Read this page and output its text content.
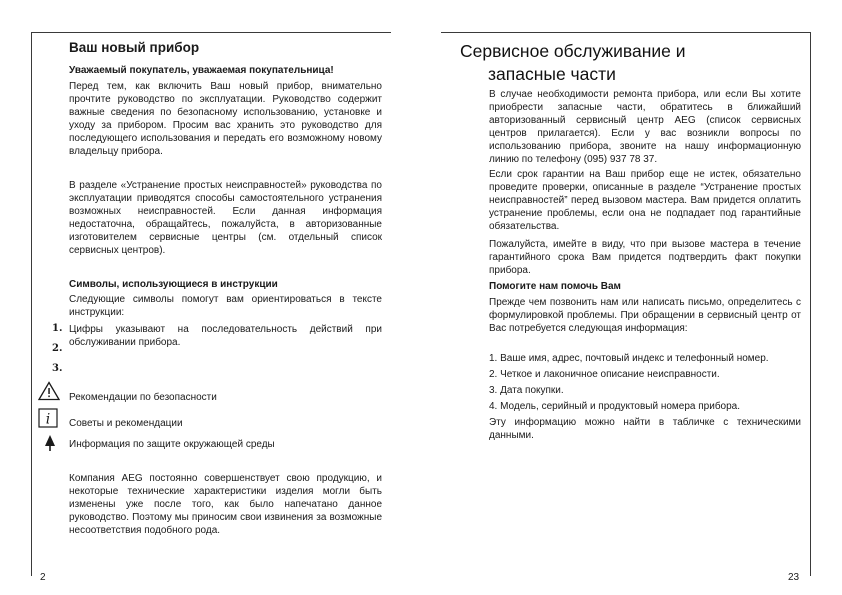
Ваш новый прибор

Уважаемый покупатель, уважаемая покупательница!

Перед тем, как включить Ваш новый прибор, внимательно прочтите руководство по эксплуатации. Руководство содержит важные сведения по безопасному использованию, установке и уходу за прибором. Просим вас хранить это руководство для последующего использования и передать его возможному новому владельцу прибора.

В разделе «Устранение простых неисправностей» руководства по эксплуатации приводятся способы самостоятельного устранения возможных неисправностей. Если данная информация недостаточна, обращайтесь, пожалуйста, в авторизованные изготовителем сервисные центры (см. отдельный список сервисных центров).

Символы, использующиеся в инструкции

Следующие символы помогут вам ориентироваться в тексте инструкции:

1.
2.
3.

Цифры указывают на последовательность действий при обслуживании прибора.

Рекомендации по безопасности
i Советы и рекомендации
Информация по защите окружающей среды

Компания AEG постоянно совершенствует свою продукцию, и некоторые технические характеристики изделия могли быть изменены уже после того, как было напечатано данное руководство. Поэтому мы приносим свои извинения за возможные несоответствия подобного рода.

2
Сервисное обслуживание и
запасные части

В случае необходимости ремонта прибора, или если Вы хотите приобрести запасные части, обратитесь в ближайший авторизованный сервисный центр AEG (список сервисных центров прилагается). Если у вас возникли вопросы по использованию прибора, звоните на нашу информационную линию по телефону (095) 937 78 37.

Если срок гарантии на Ваш прибор еще не истек, обязательно проведите проверки, описанные в разделе “Устранение простых неисправностей” перед вызовом мастера. Вам придется оплатить устранение проблемы, если она не подпадает под гарантийные обязательства.

Пожалуйста, имейте в виду, что при вызове мастера в течение гарантийного срока Вам придется подтвердить факт покупки прибора.

Помогите нам помочь Вам

Прежде чем позвонить нам или написать письмо, определитесь с формулировкой проблемы. При обращении в сервисный центр от Вас потребуется следующая информация:

1. Ваше имя, адрес, почтовый индекс и телефонный номер.

2. Четкое и лаконичное описание неисправности.

3. Дата покупки.

4. Модель, серийный и продуктовый номера прибора.

Эту информацию можно найти в табличке с техническими данными.

23
